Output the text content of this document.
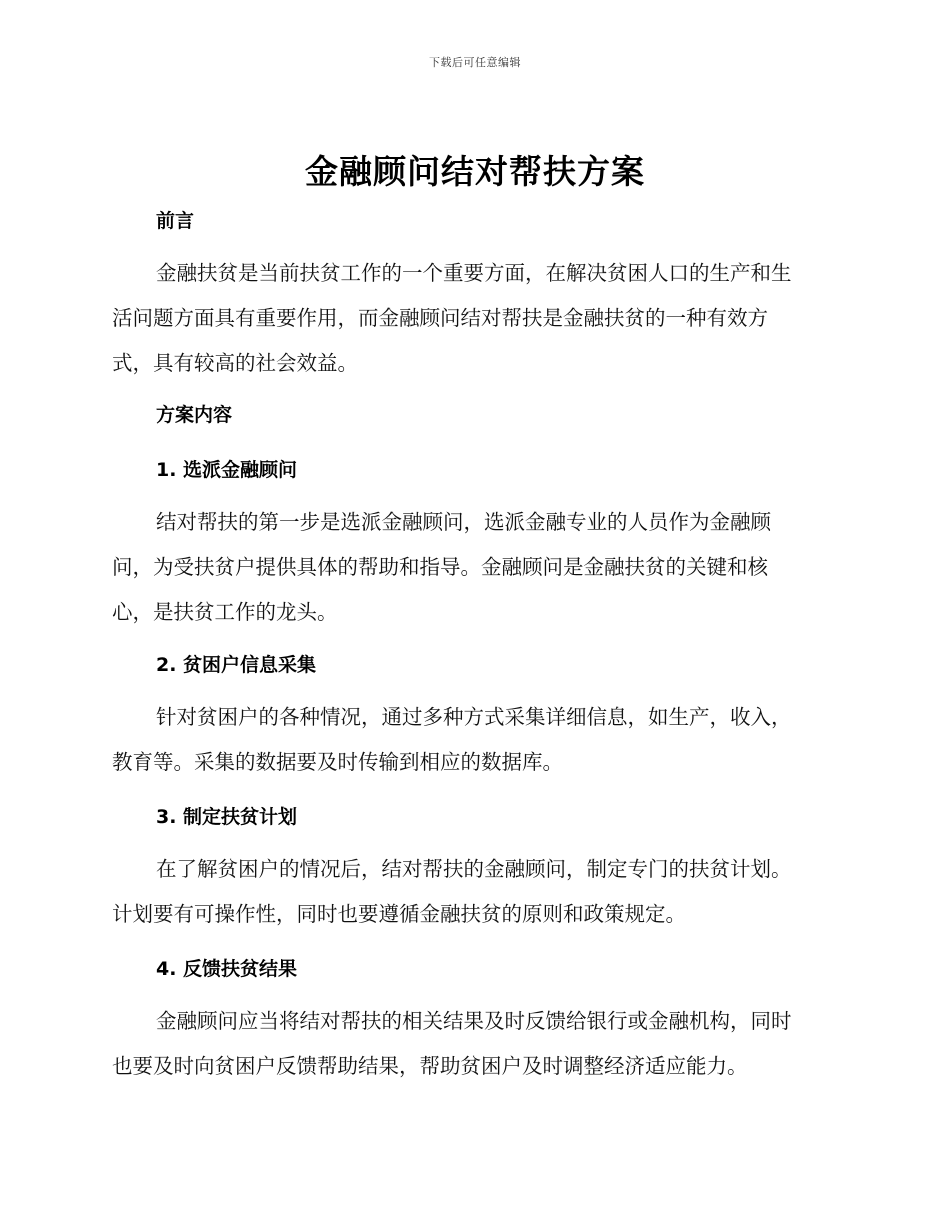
下载后可任意编辑
金融顾问结对帮扶方案
前言

金融扶贫是当前扶贫工作的一个重要方面，在解决贫困人口的生产和生
活问题方面具有重要作用，而金融顾问结对帮扶是金融扶贫的一种有效方
式，具有较高的社会效益。

方案内容
1. 选派金融顾问

结对帮扶的第一步是选派金融顾问，选派金融专业的人员作为金融顾
问，为受扶贫户提供具体的帮助和指导。金融顾问是金融扶贫的关键和核
心，是扶贫工作的龙头。

2. 贫困户信息采集

针对贫困户的各种情况，通过多种方式采集详细信息，如生产，收入，
教育等。采集的数据要及时传输到相应的数据库。

3. 制定扶贫计划

在了解贫困户的情况后，结对帮扶的金融顾问，制定专门的扶贫计划。
计划要有可操作性，同时也要遵循金融扶贫的原则和政策规定。

4. 反馈扶贫结果

金融顾问应当将结对帮扶的相关结果及时反馈给银行或金融机构，同时
也要及时向贫困户反馈帮助结果，帮助贫困户及时调整经济适应能力。
